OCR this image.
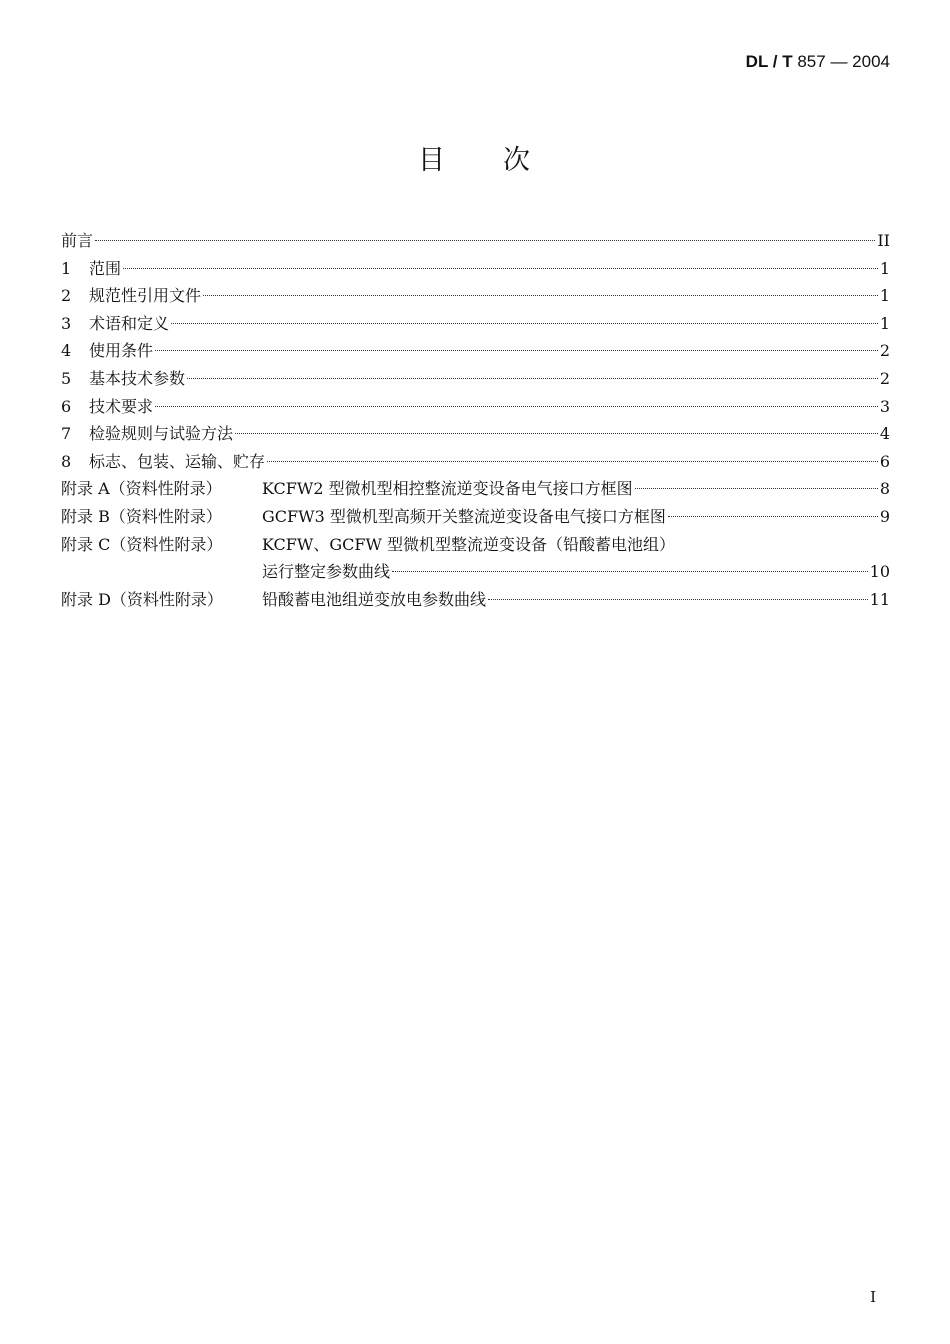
DL / T 857 — 2004
目 次
前言	II
1	范围	1
2	规范性引用文件	1
3	术语和定义	1
4	使用条件	2
5	基本技术参数	2
6	技术要求	3
7	检验规则与试验方法	4
8	标志、包装、运输、贮存	6
附录 A（资料性附录）	KCFW2 型微机型相控整流逆变设备电气接口方框图	8
附录 B（资料性附录）	GCFW3 型微机型高频开关整流逆变设备电气接口方框图	9
附录 C（资料性附录）	KCFW、GCFW 型微机型整流逆变设备（铅酸蓄电池组）
运行整定参数曲线	10
附录 D（资料性附录）	铅酸蓄电池组逆变放电参数曲线	11
I
